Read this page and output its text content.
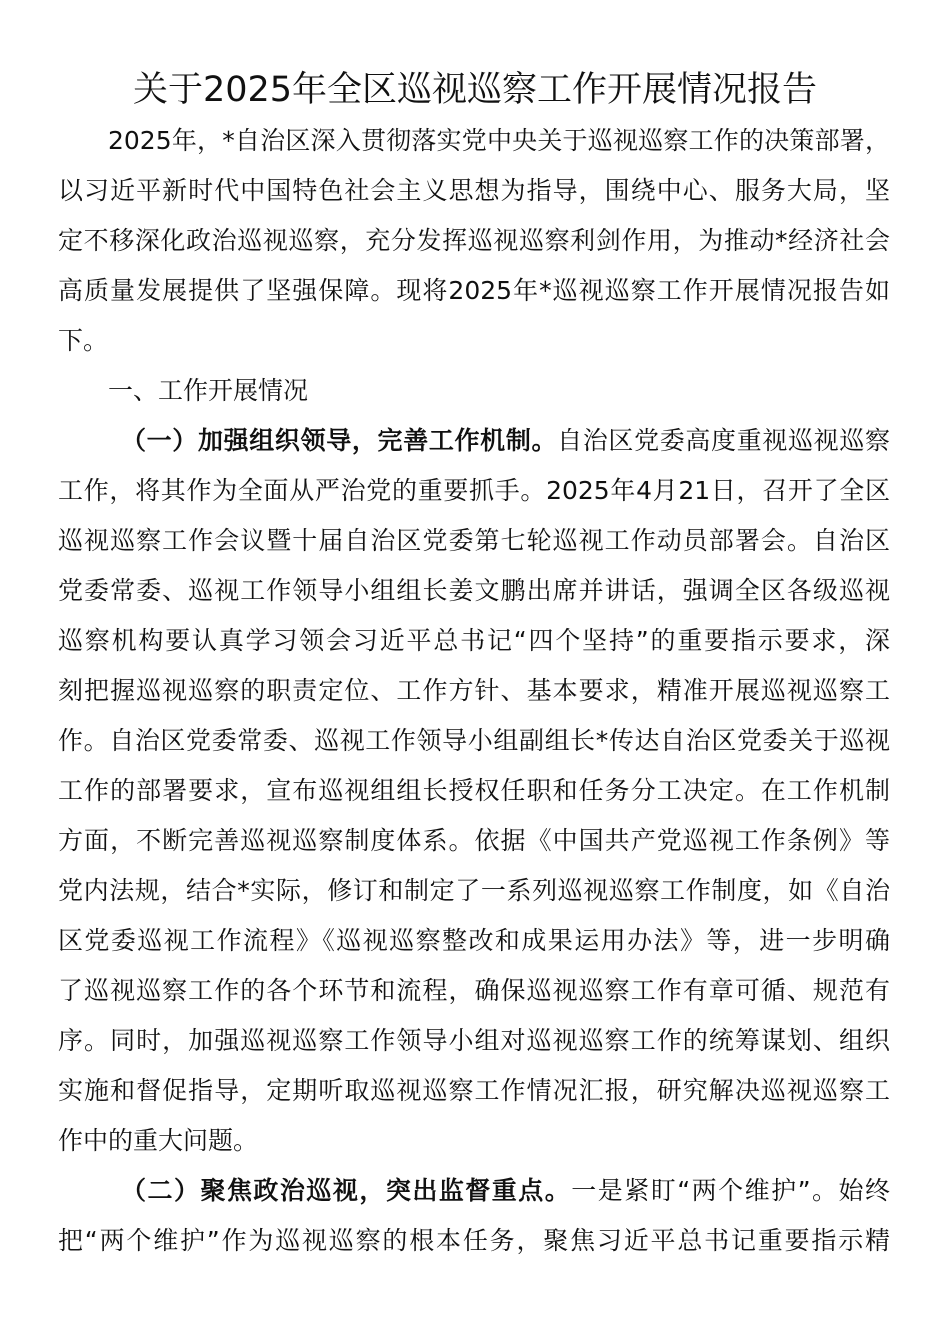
关于2025年全区巡视巡察工作开展情况报告
2025年，*自治区深入贯彻落实党中央关于巡视巡察工作的决策部署，
以习近平新时代中国特色社会主义思想为指导，围绕中心、服务大局，坚
定不移深化政治巡视巡察，充分发挥巡视巡察利剑作用，为推动*经济社会
高质量发展提供了坚强保障。现将2025年*巡视巡察工作开展情况报告如
下。
一、工作开展情况
（一）加强组织领导，完善工作机制。自治区党委高度重视巡视巡察
工作，将其作为全面从严治党的重要抓手。2025年4月21日，召开了全区
巡视巡察工作会议暨十届自治区党委第七轮巡视工作动员部署会。自治区
党委常委、巡视工作领导小组组长姜文鹏出席并讲话，强调全区各级巡视
巡察机构要认真学习领会习近平总书记“四个坚持”的重要指示要求，深
刻把握巡视巡察的职责定位、工作方针、基本要求，精准开展巡视巡察工
作。自治区党委常委、巡视工作领导小组副组长*传达自治区党委关于巡视
工作的部署要求，宣布巡视组组长授权任职和任务分工决定。在工作机制
方面，不断完善巡视巡察制度体系。依据《中国共产党巡视工作条例》等
党内法规，结合*实际，修订和制定了一系列巡视巡察工作制度，如《自治
区党委巡视工作流程》《巡视巡察整改和成果运用办法》等，进一步明确
了巡视巡察工作的各个环节和流程，确保巡视巡察工作有章可循、规范有
序。同时，加强巡视巡察工作领导小组对巡视巡察工作的统筹谋划、组织
实施和督促指导，定期听取巡视巡察工作情况汇报，研究解决巡视巡察工
作中的重大问题。
（二）聚焦政治巡视，突出监督重点。一是紧盯“两个维护”。始终
把“两个维护”作为巡视巡察的根本任务，聚焦习近平总书记重要指示精
